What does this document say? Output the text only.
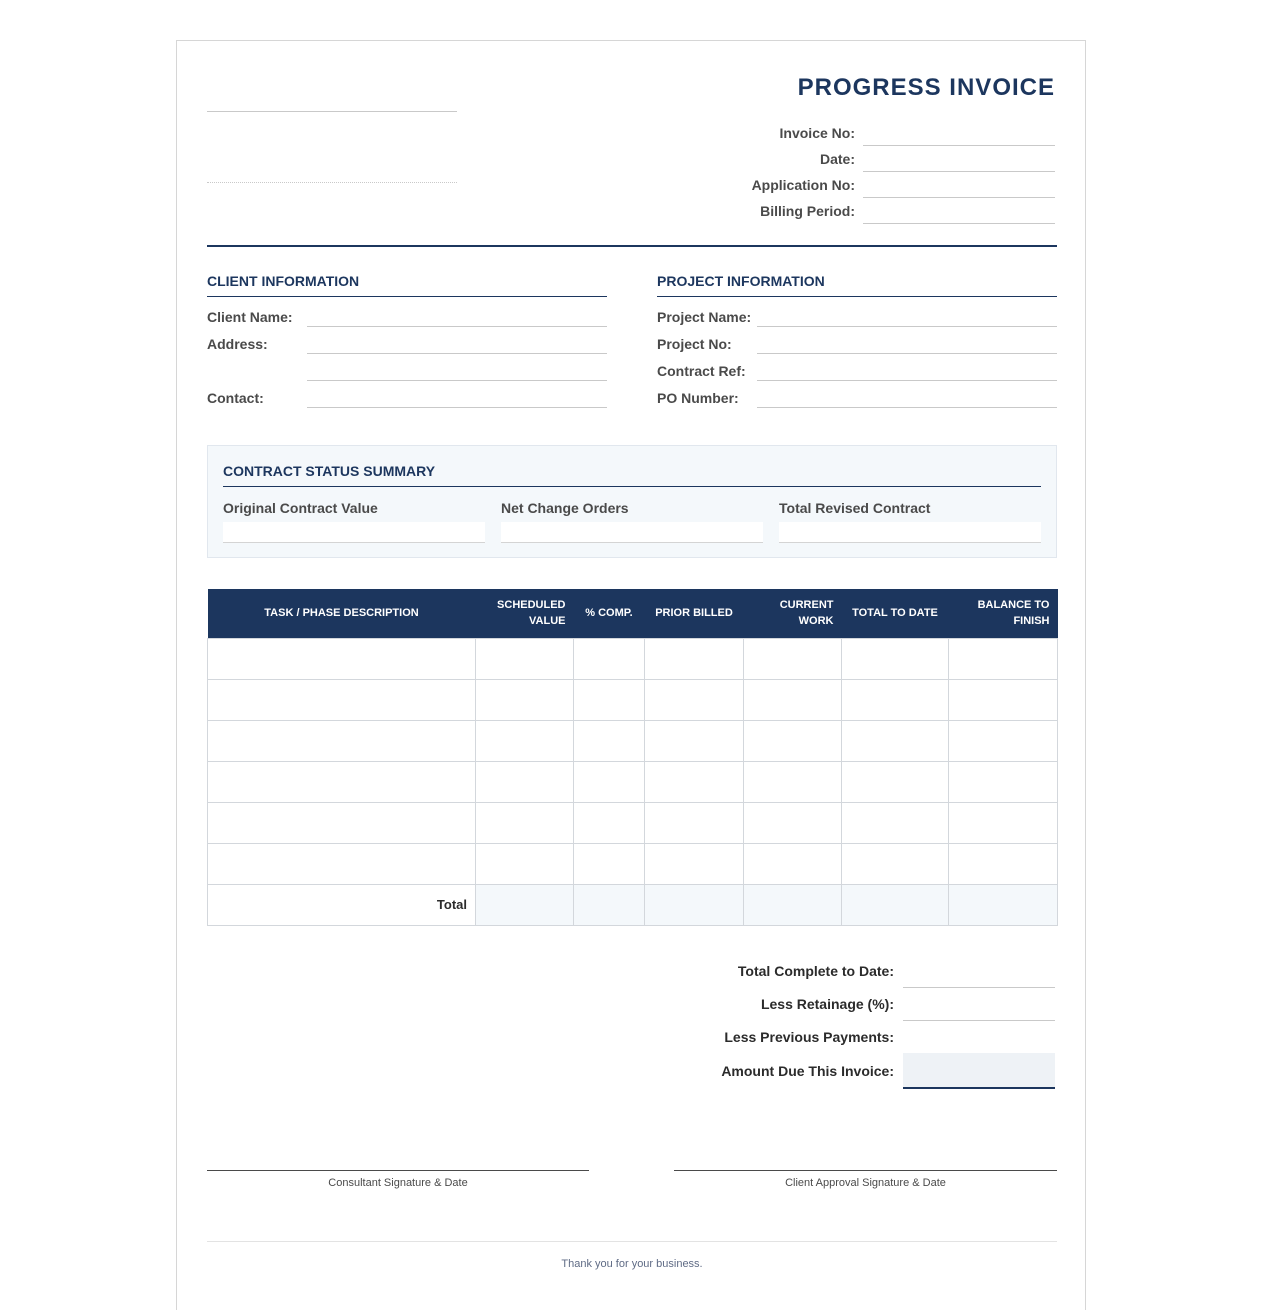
PROGRESS INVOICE
Invoice No:
Date:
Application No:
Billing Period:
CLIENT INFORMATION
Client Name:
Address:
Contact:
PROJECT INFORMATION
Project Name:
Project No:
Contract Ref:
PO Number:
CONTRACT STATUS SUMMARY
Original Contract Value	Net Change Orders	Total Revised Contract
TASK / PHASE DESCRIPTION	SCHEDULED VALUE	% COMP.	PRIOR BILLED	CURRENT WORK	TOTAL TO DATE	BALANCE TO FINISH

Total						
Total Complete to Date:
Less Retainage (%):
Less Previous Payments:
Amount Due This Invoice:
Consultant Signature & Date	Client Approval Signature & Date
Thank you for your business.
